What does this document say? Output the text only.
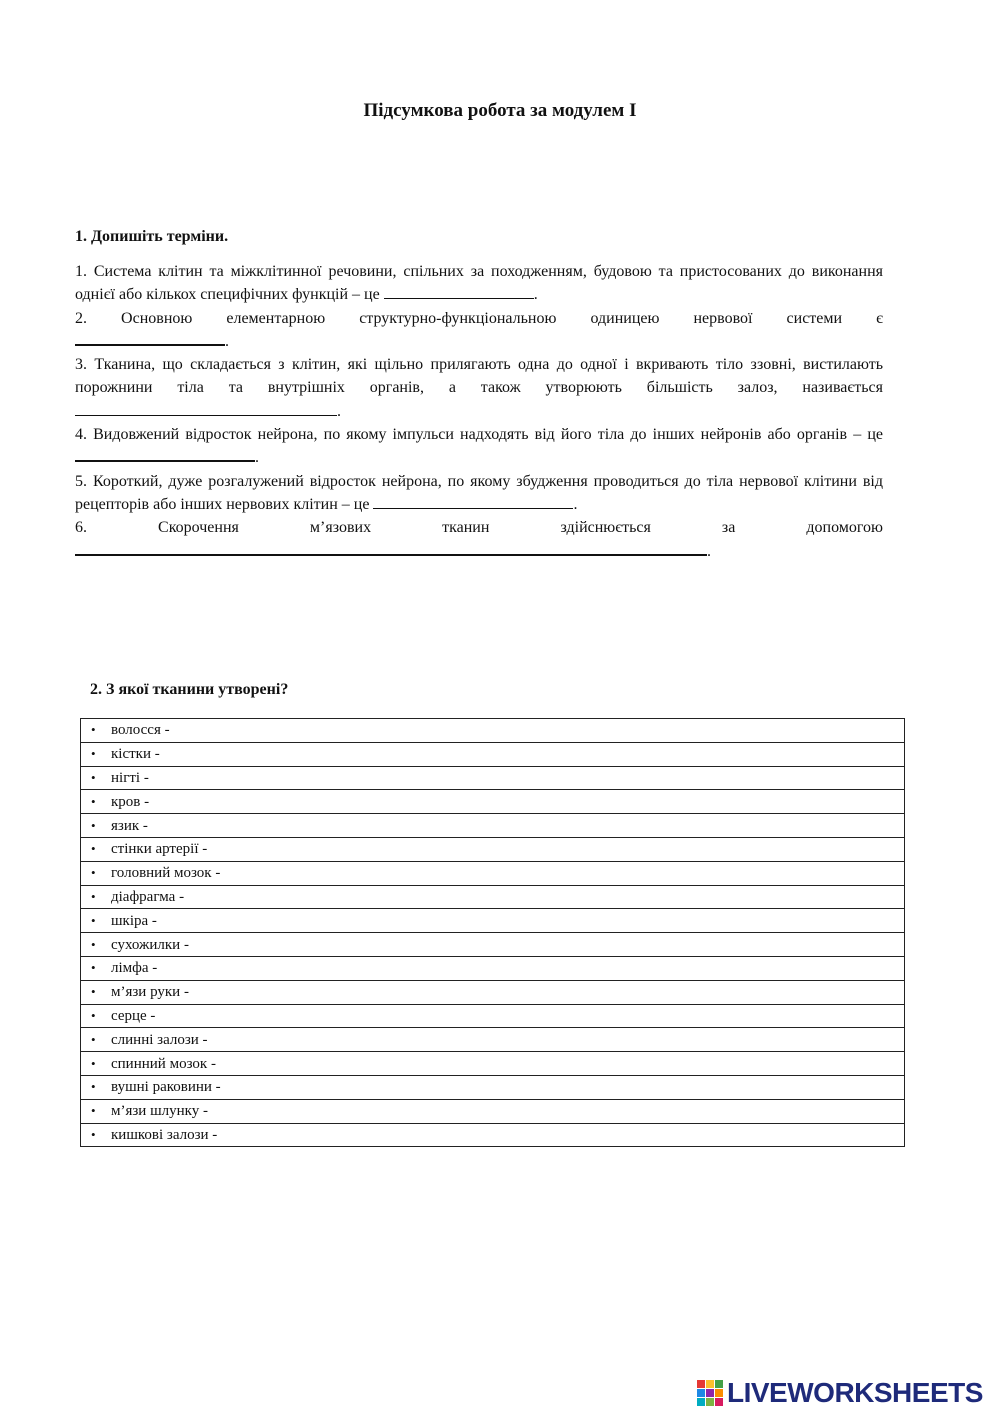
Підсумкова робота за модулем I
1. Допишіть терміни.

1. Система клітин та міжклітинної речовини, спільних за походженням, будовою та пристосованих до виконання однієї або кількох специфічних функцій – це	.

2. Основною елементарною структурно-функціональною одиницею нервової системи є

.

3. Тканина, що складається з клітин, які щільно прилягають одна до одної і вкривають тіло ззовні, вистилають порожнини тіла та внутрішніх органів, а також утворюють більшість залоз, називається .

4. Видовжений відросток нейрона, по якому імпульси надходять від його тіла до інших нейронів або органів – це .

5. Короткий, дуже розгалужений відросток нейрона, по якому збудження проводиться до тіла нервової клітини від рецепторів або інших нервових клітин – це	.

6. Скорочення м’язових тканин здійснюється за допомогою

.

2. З якої тканини утворені?
• волосся -
• кістки -
• нігті -
• кров -
• язик -
• стінки артерії -
• головний мозок -
• діафрагма -
• шкіра -
• сухожилки -
• лімфа -
• м’язи руки -
• серце -
• слинні залози -
• спинний мозок -
• вушні раковини -
• м’язи шлунку -
• кишкові залози -
LIVEWORKSHEETS
